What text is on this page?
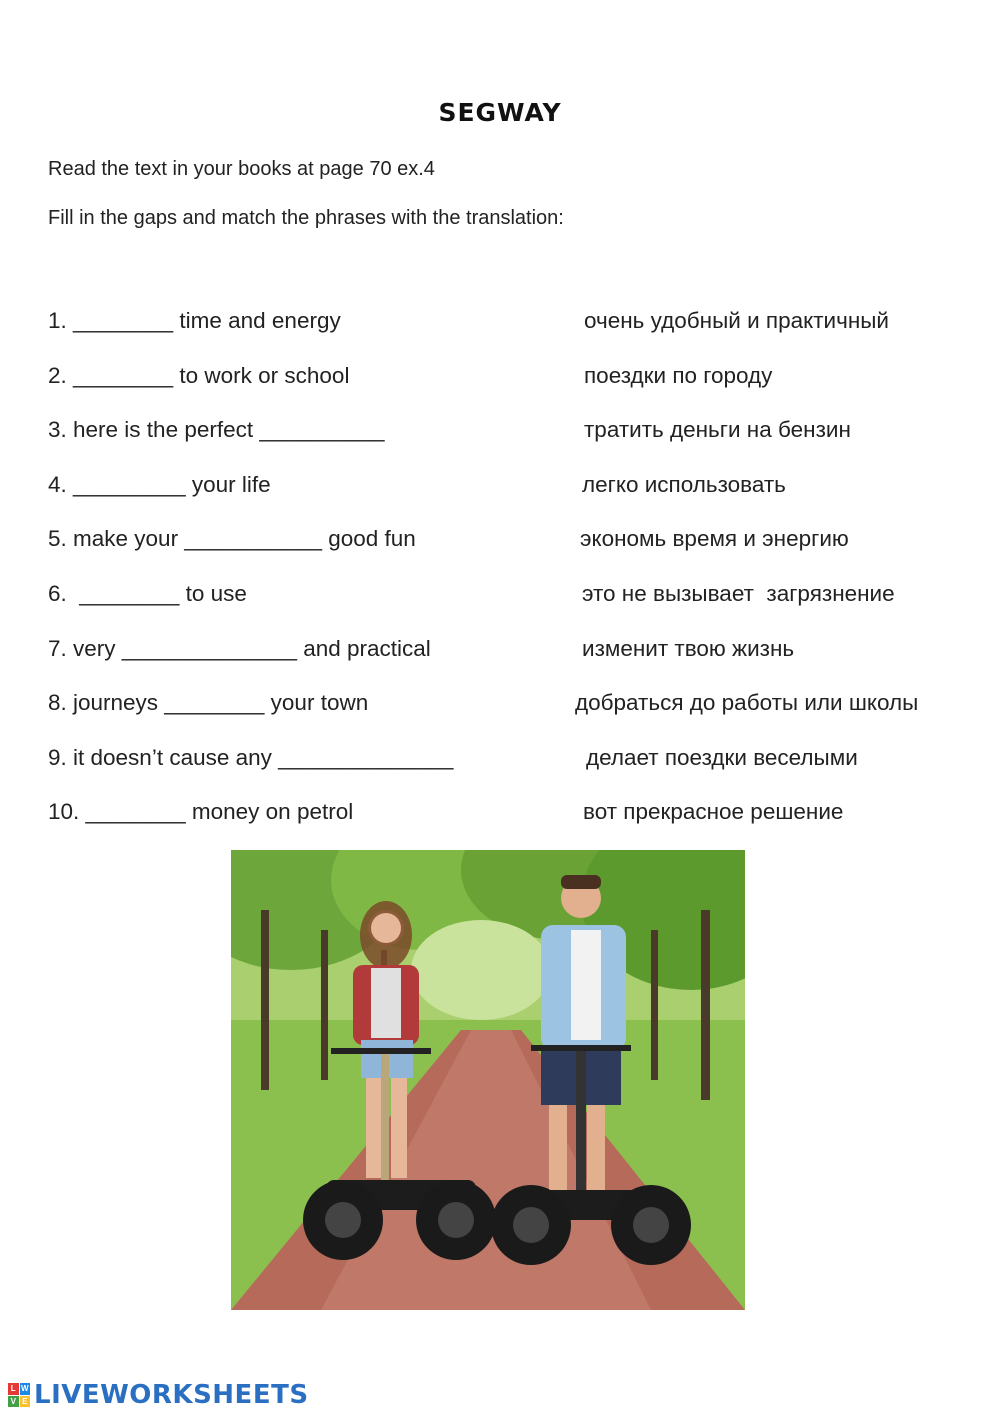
SEGWAY
Read the text in your books at page 70 ex.4
Fill in the gaps and match the phrases with the translation:
1. ________ time and energy	очень удобный и практичный
2. ________ to work or school	поездки по городу
3. here is the perfect __________	тратить деньги на бензин
4. _________ your life	легко использовать
5. make your ___________ good fun	экономь время и энергию
6.  ________ to use	это не вызывает  загрязнение
7. very ______________ and practical	изменит твою жизнь
8. journeys ________ your town	добраться до работы или школы
9. it doesn’t cause any ______________	делает поездки веселыми
10. ________ money on petrol	вот прекрасное решение
L W
V E LIVEWORKSHEETS
